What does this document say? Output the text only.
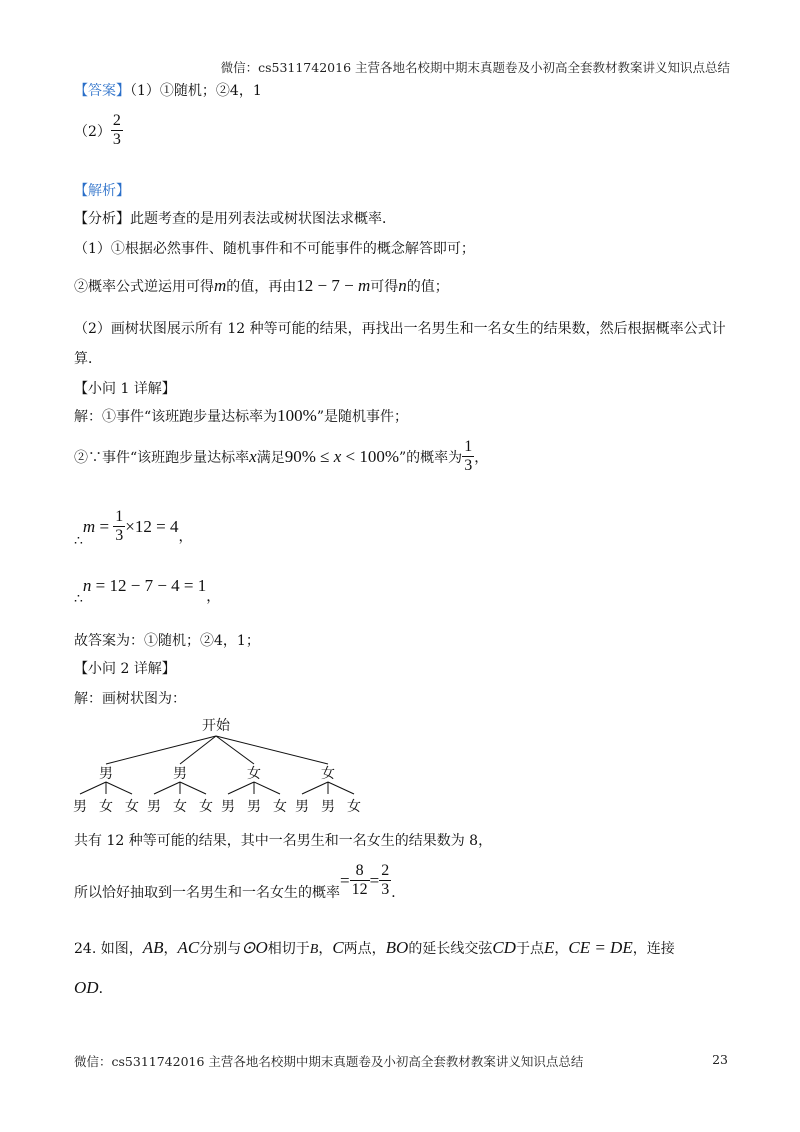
微信：cs5311742016 主营各地名校期中期末真题卷及小初高全套教材教案讲义知识点总结
【答案】（1）①随机；②4，1
$(2) \frac{2}{3}$
【解析】
【分析】此题考查的是用列表法或树状图法求概率．
（1）①根据必然事件、随机事件和不可能事件的概念解答即可；
②概率公式逆运用可得m的值，再由12 − 7 − m可得n的值；
（2）画树状图展示所有 12 种等可能的结果，再找出一名男生和一名女生的结果数，然后根据概率公式计
算．
【小问 1 详解】
解：①事件“该班跑步量达标率为100%”是随机事件；
②∵事件“该班跑步量达标率x满足90% ≤ x < 100%”的概率为 $\frac{1}{3}$ ，
∴m = $\frac{1}{3} \times 12 = 4$，
∴n = 12 − 7 − 4 = 1，
故答案为：①随机；②4，1；
【小问 2 详解】
解：画树状图为：
开始
男	男	女	女
男 女 女 男 女 女 男 男 女 男 男 女
共有 12 种等可能的结果，其中一名男生和一名女生的结果数为 8，
所以恰好抽取到一名男生和一名女生的概率= $\frac{8}{12} = \frac{2}{3}$ ．
24. 如图，AB，AC分别与⊙O相切于B，C两点，BO的延长线交弦CD于点E，CE = DE，连接
OD．
微信：cs5311742016 主营各地名校期中期末真题卷及小初高全套教材教案讲义知识点总结	23
